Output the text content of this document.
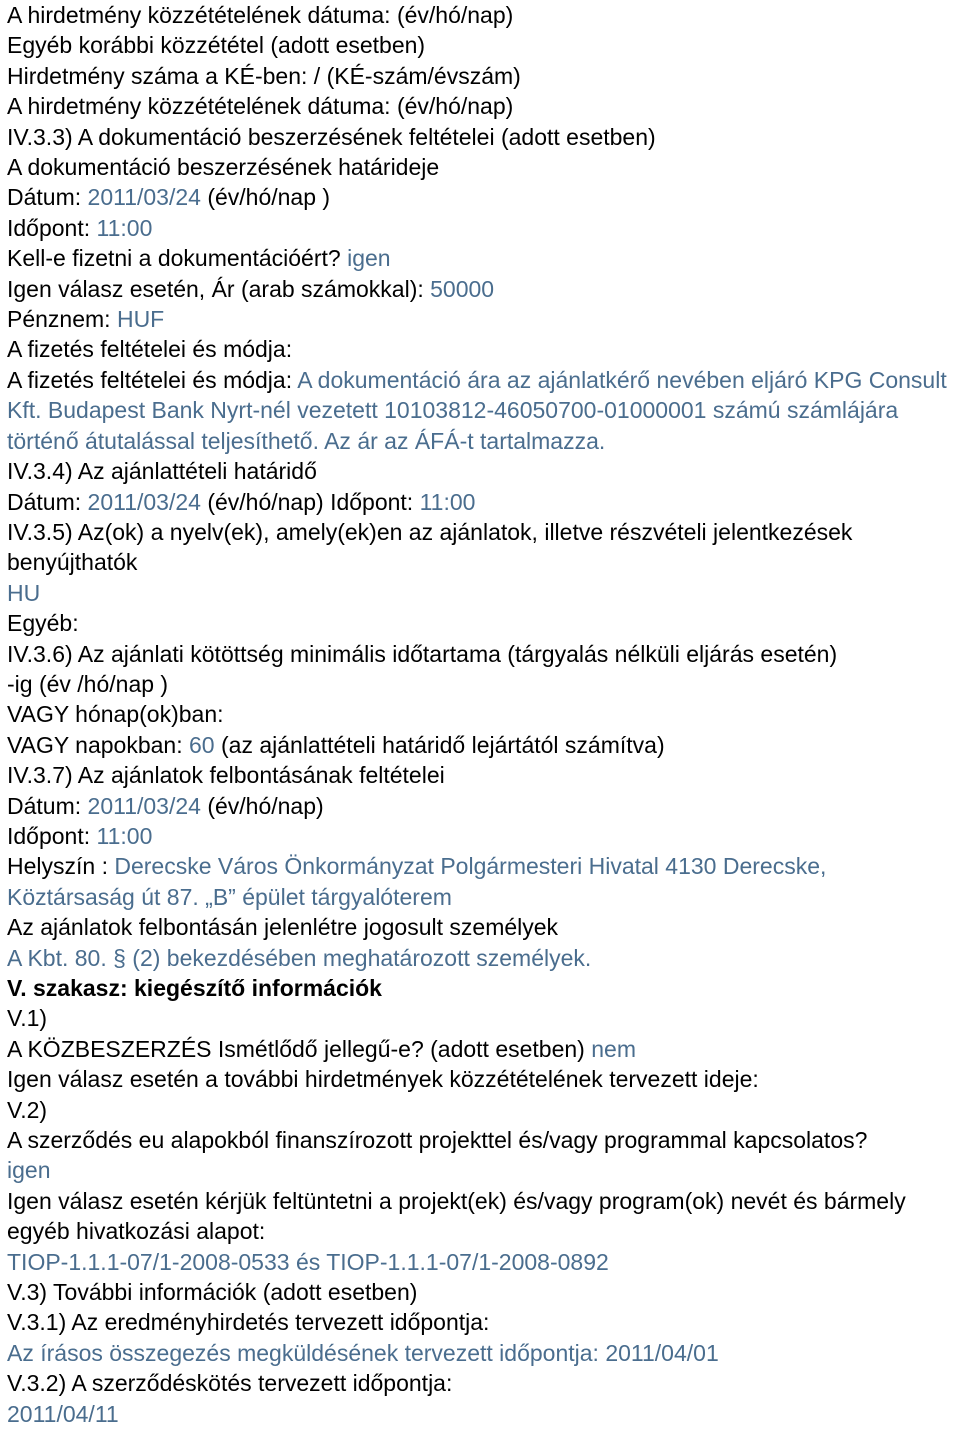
A hirdetmény közzétételének dátuma: (év/hó/nap)
Egyéb korábbi közzététel (adott esetben)
Hirdetmény száma a KÉ-ben: / (KÉ-szám/évszám)
A hirdetmény közzétételének dátuma: (év/hó/nap)
IV.3.3) A dokumentáció beszerzésének feltételei (adott esetben)
A dokumentáció beszerzésének határideje
Dátum: 2011/03/24 (év/hó/nap )
Időpont: 11:00
Kell-e fizetni a dokumentációért? igen
Igen válasz esetén, Ár (arab számokkal): 50000
Pénznem: HUF
A fizetés feltételei és módja:
A fizetés feltételei és módja: A dokumentáció ára az ajánlatkérő nevében eljáró KPG Consult Kft. Budapest Bank Nyrt-nél vezetett 10103812-46050700-01000001 számú számlájára történő átutalással teljesíthető. Az ár az ÁFÁ-t tartalmazza.
IV.3.4) Az ajánlattételi határidő
Dátum: 2011/03/24 (év/hó/nap) Időpont: 11:00
IV.3.5) Az(ok) a nyelv(ek), amely(ek)en az ajánlatok, illetve részvételi jelentkezések benyújthatók
HU
Egyéb:
IV.3.6) Az ajánlati kötöttség minimális időtartama (tárgyalás nélküli eljárás esetén)
-ig (év /hó/nap )
VAGY hónap(ok)ban:
VAGY napokban: 60 (az ajánlattételi határidő lejártától számítva)
IV.3.7) Az ajánlatok felbontásának feltételei
Dátum: 2011/03/24 (év/hó/nap)
Időpont: 11:00
Helyszín : Derecske Város Önkormányzat Polgármesteri Hivatal 4130 Derecske, Köztársaság út 87. „B” épület tárgyalóterem
Az ajánlatok felbontásán jelenlétre jogosult személyek
A Kbt. 80. § (2) bekezdésében meghatározott személyek.
V. szakasz: kiegészítő információk
V.1)
A KÖZBESZERZÉS Ismétlődő jellegű-e? (adott esetben) nem
Igen válasz esetén a további hirdetmények közzétételének tervezett ideje:
V.2)
A szerződés eu alapokból finanszírozott projekttel és/vagy programmal kapcsolatos?
igen
Igen válasz esetén kérjük feltüntetni a projekt(ek) és/vagy program(ok) nevét és bármely egyéb hivatkozási alapot:
TIOP-1.1.1-07/1-2008-0533 és TIOP-1.1.1-07/1-2008-0892
V.3) További információk (adott esetben)
V.3.1) Az eredményhirdetés tervezett időpontja:
Az írásos összegezés megküldésének tervezett időpontja: 2011/04/01
V.3.2) A szerződéskötés tervezett időpontja:
2011/04/11
